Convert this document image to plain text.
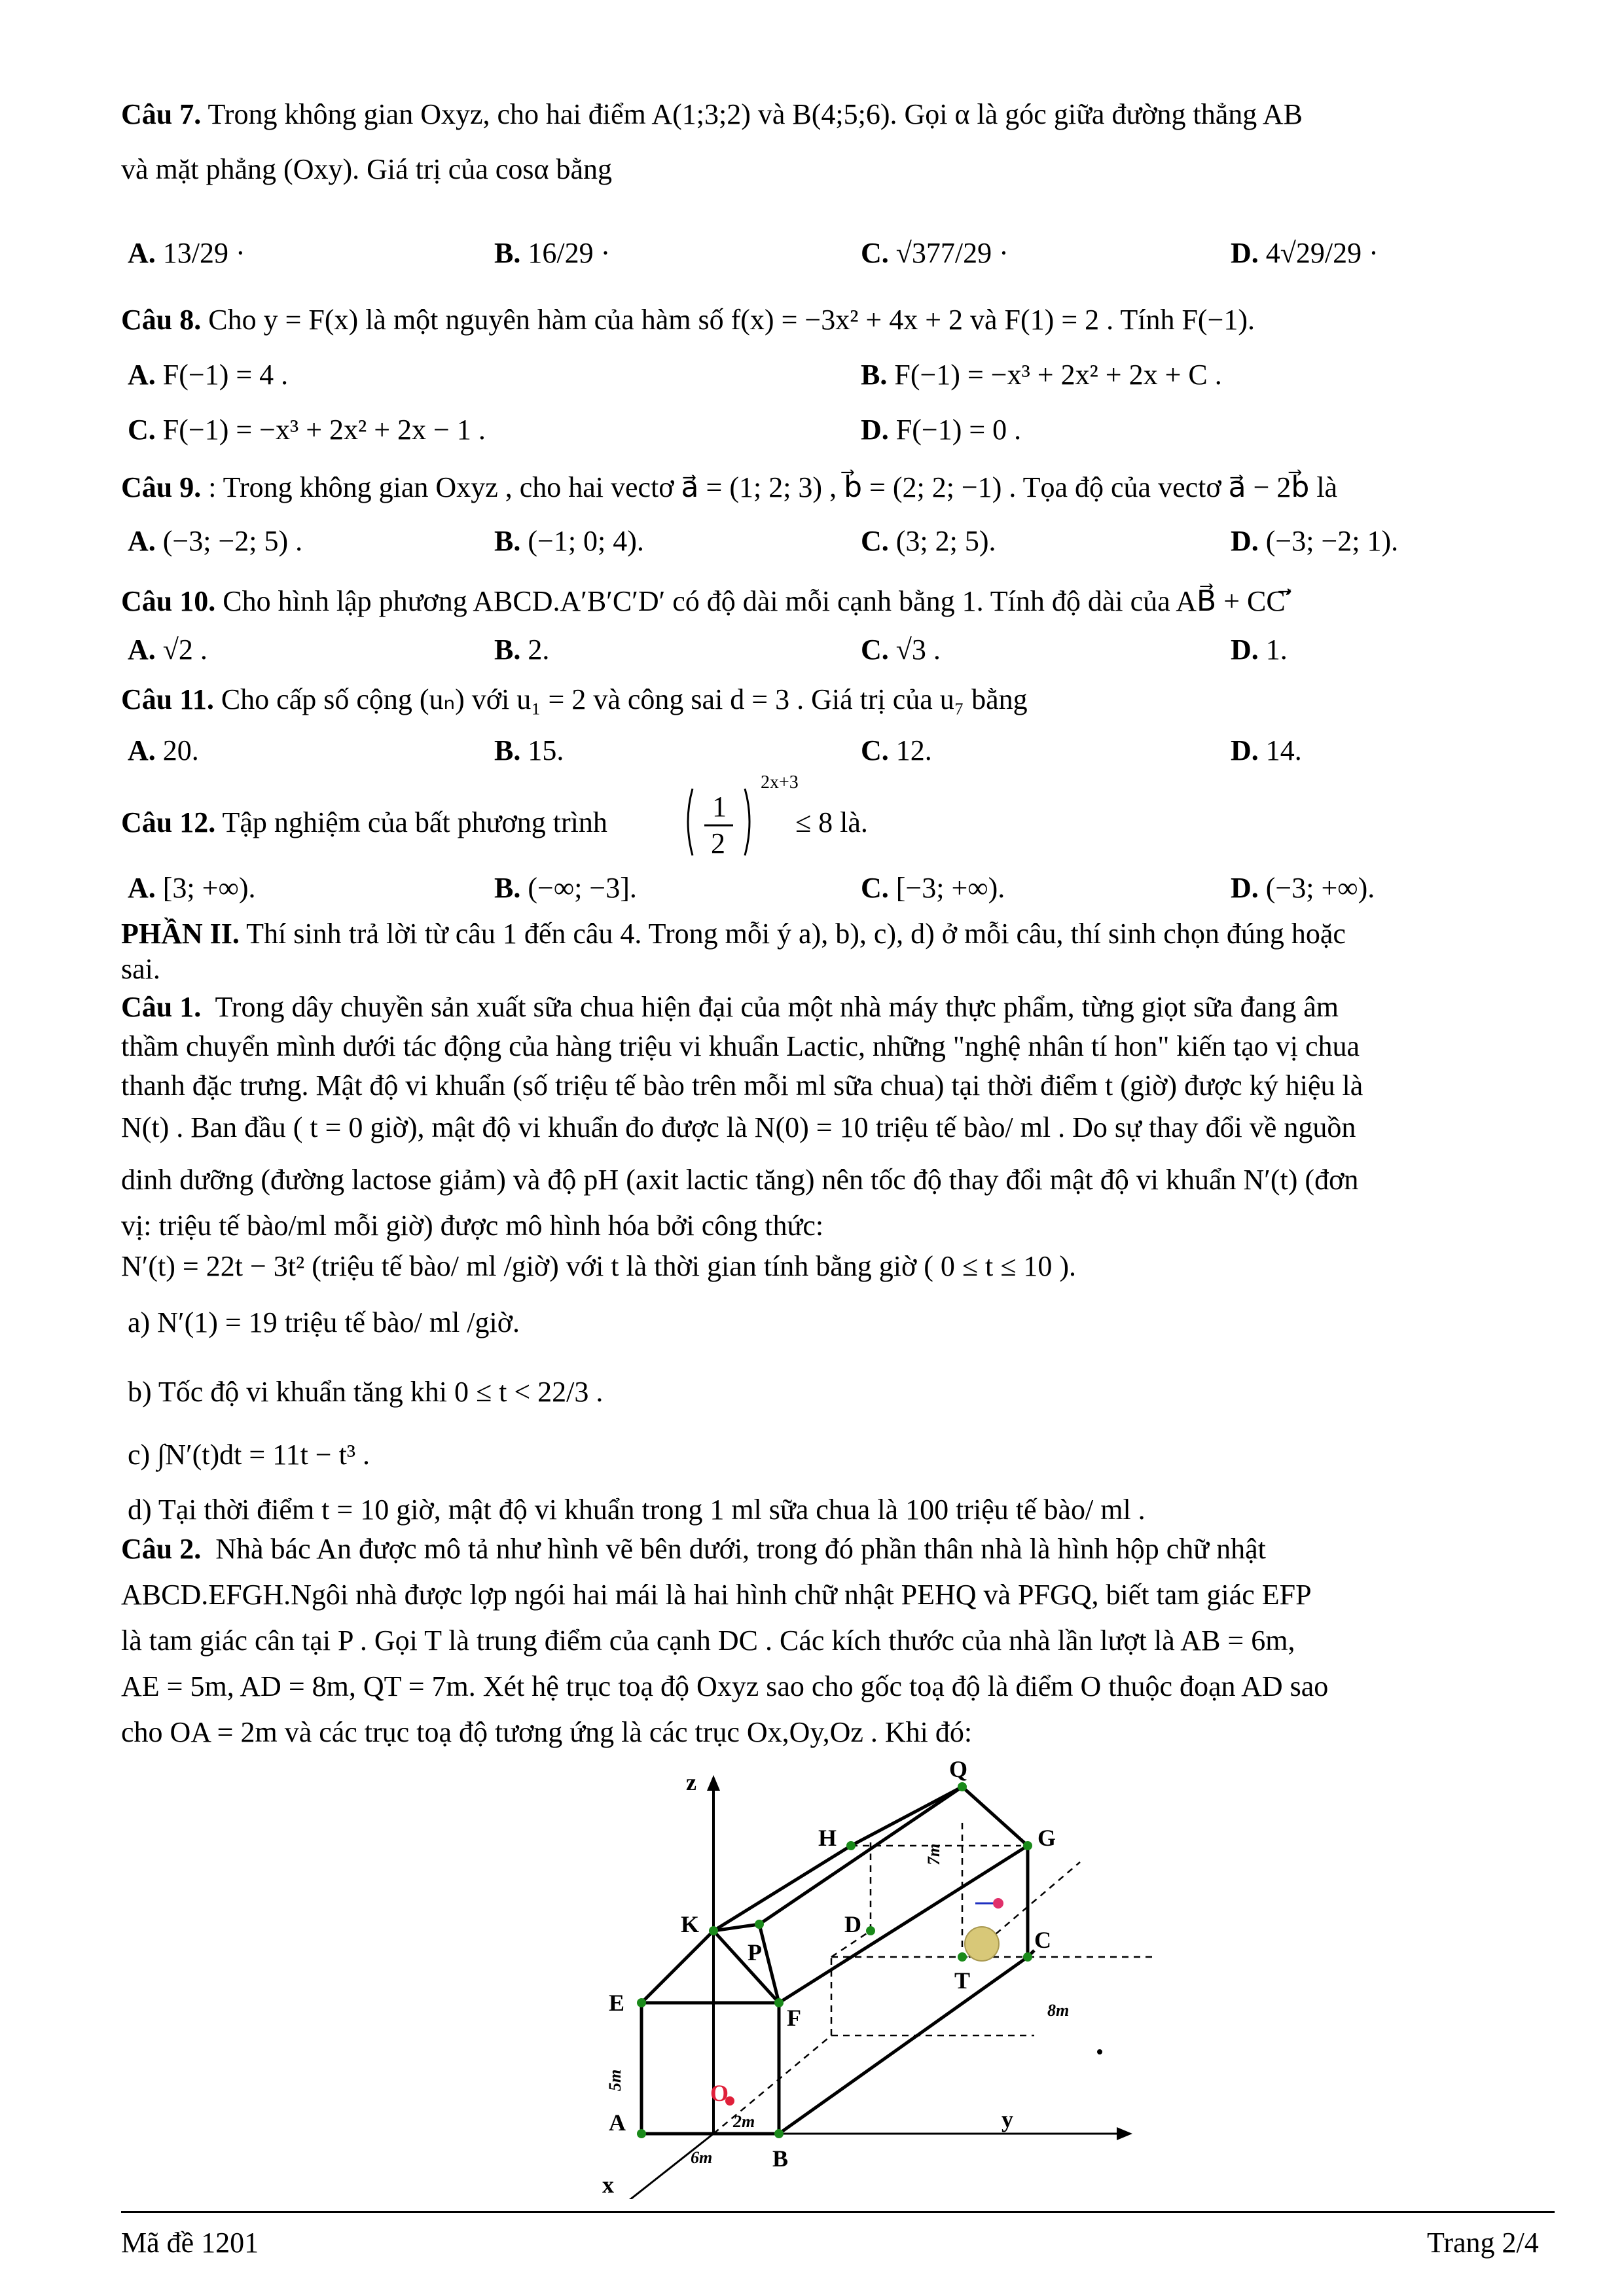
Câu 7. Trong không gian Oxyz, cho hai điểm A(1;3;2) và B(4;5;6). Gọi α là góc giữa đường thẳng AB
và mặt phẳng (Oxy). Giá trị của cosα bằng
A. 13/29 ·	B. 16/29 ·	C. √377/29 ·	D. 4√29/29 ·
Câu 8. Cho y = F(x) là một nguyên hàm của hàm số f(x) = −3x² + 4x + 2 và F(1) = 2 . Tính F(−1).
A. F(−1) = 4 .	B. F(−1) = −x³ + 2x² + 2x + C .
C. F(−1) = −x³ + 2x² + 2x − 1 .	D. F(−1) = 0 .
Câu 9. : Trong không gian Oxyz , cho hai vectơ a⃗ = (1; 2; 3) , b⃗ = (2; 2; −1) . Tọa độ của vectơ a⃗ − 2b⃗ là
A. (−3; −2; 5) .	B. (−1; 0; 4).	C. (3; 2; 5).	D. (−3; −2; 1).
Câu 10. Cho hình lập phương ABCD.A′B′C′D′ có độ dài mỗi cạnh bằng 1. Tính độ dài của AB⃗ + CC′⃗
A. √2 .	B. 2.	C. √3 .	D. 1.
Câu 11. Cho cấp số cộng (uₙ) với u₁ = 2 và công sai d = 3 . Giá trị của u₇ bằng
A. 20.	B. 15.	C. 12.	D. 14.
Câu 12. Tập nghiệm của bất phương trình	1
2
2x+3
≤ 8 là.
A. [3; +∞).	B. (−∞; −3].	C. [−3; +∞).	D. (−3; +∞).
PHẦN II. Thí sinh trả lời từ câu 1 đến câu 4. Trong mỗi ý a), b), c), d) ở mỗi câu, thí sinh chọn đúng hoặc
sai.
Câu 1. Trong dây chuyền sản xuất sữa chua hiện đại của một nhà máy thực phẩm, từng giọt sữa đang âm
thầm chuyển mình dưới tác động của hàng triệu vi khuẩn Lactic, những "nghệ nhân tí hon" kiến tạo vị chua
thanh đặc trưng. Mật độ vi khuẩn (số triệu tế bào trên mỗi ml sữa chua) tại thời điểm t (giờ) được ký hiệu là
N(t) . Ban đầu ( t = 0 giờ), mật độ vi khuẩn đo được là N(0) = 10 triệu tế bào/ ml . Do sự thay đổi về nguồn
dinh dưỡng (đường lactose giảm) và độ pH (axit lactic tăng) nên tốc độ thay đổi mật độ vi khuẩn N′(t) (đơn
vị: triệu tế bào/ml mỗi giờ) được mô hình hóa bởi công thức:
N′(t) = 22t − 3t² (triệu tế bào/ ml /giờ) với t là thời gian tính bằng giờ ( 0 ≤ t ≤ 10 ).
a) N′(1) = 19 triệu tế bào/ ml /giờ.
b) Tốc độ vi khuẩn tăng khi 0 ≤ t < 22/3 .
c) ∫N′(t)dt = 11t − t³ .
d) Tại thời điểm t = 10 giờ, mật độ vi khuẩn trong 1 ml sữa chua là 100 triệu tế bào/ ml .
Câu 2. Nhà bác An được mô tả như hình vẽ bên dưới, trong đó phần thân nhà là hình hộp chữ nhật
ABCD.EFGH.Ngôi nhà được lợp ngói hai mái là hai hình chữ nhật PEHQ và PFGQ, biết tam giác EFP
là tam giác cân tại P . Gọi T là trung điểm của cạnh DC . Các kích thước của nhà lần lượt là AB = 6m,
AE = 5m, AD = 8m, QT = 7m. Xét hệ trục toạ độ Oxyz sao cho gốc toạ độ là điểm O thuộc đoạn AD sao
cho OA = 2m và các trục toạ độ tương ứng là các trục Ox,Oy,Oz . Khi đó:
Q
H	G
K	D
C
P
T
E
F
O
A
B
z
y
x
7m
8m
5m
2m
6m
Mã đề 1201	Trang 2/4
